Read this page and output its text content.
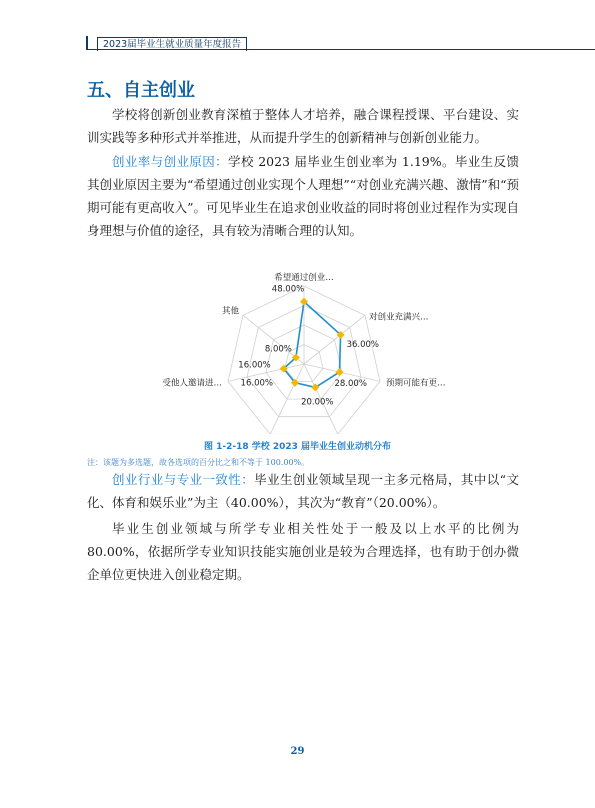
2023届毕业生就业质量年度报告
五、自主创业

学校将创新创业教育深植于整体人才培养，融合课程授课、平台建设、实训实践等多种形式并举推进，从而提升学生的创新精神与创新创业能力。

创业率与创业原因：学校 2023 届毕业生创业率为 1.19%。毕业生反馈其创业原因主要为“希望通过创业实现个人理想”“对创业充满兴趣、激情”和“预期可能有更高收入”。可见毕业生在追求创业收益的同时将创业过程作为实现自身理想与价值的途径，具有较为清晰合理的认知。

48.00%
36.00%
28.00%
20.00%
16.00%
16.00%
8.00%
希望通过创业…
对创业充满兴…
预期可能有更…
受他人邀请进…
其他
图 1-2-18 学校 2023 届毕业生创业动机分布
注：该题为多选题，故各选项的百分比之和不等于 100.00%。

创业行业与专业一致性：毕业生创业领域呈现一主多元格局，其中以“文化、体育和娱乐业”为主（40.00%），其次为“教育”（20.00%）。

毕业生创业领域与所学专业相关性处于一般及以上水平的比例为 80.00%，依据所学专业知识技能实施创业是较为合理选择，也有助于创办微企单位更快进入创业稳定期。

29
